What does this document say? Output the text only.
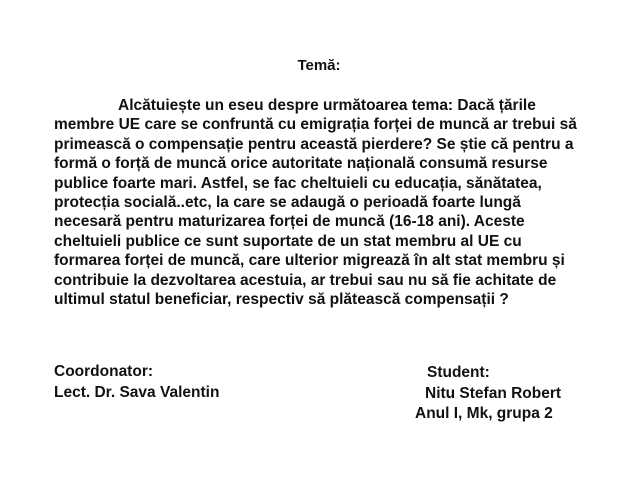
Temă:
Alcătuiește un eseu despre următoarea tema: Dacă țările membre UE care se confruntă cu emigrația forței de muncă ar trebui să primească o compensație pentru această pierdere? Se știe că pentru a formă o forță de muncă orice autoritate națională consumă resurse publice foarte mari. Astfel, se fac cheltuieli cu educația, sănătatea, protecția socială..etc, la care se adaugă o perioadă foarte lungă necesară pentru maturizarea forței de muncă (16-18 ani). Aceste cheltuieli publice ce sunt suportate de un stat membru al UE cu formarea forței de muncă, care ulterior migrează în alt stat membru și contribuie la dezvoltarea acestuia, ar trebui sau nu să fie achitate de ultimul statul beneficiar, respectiv să plătească compensații ?
Coordonator:
Lect. Dr. Sava Valentin
Student:
Nitu Stefan Robert
Anul I, Mk, grupa 2
